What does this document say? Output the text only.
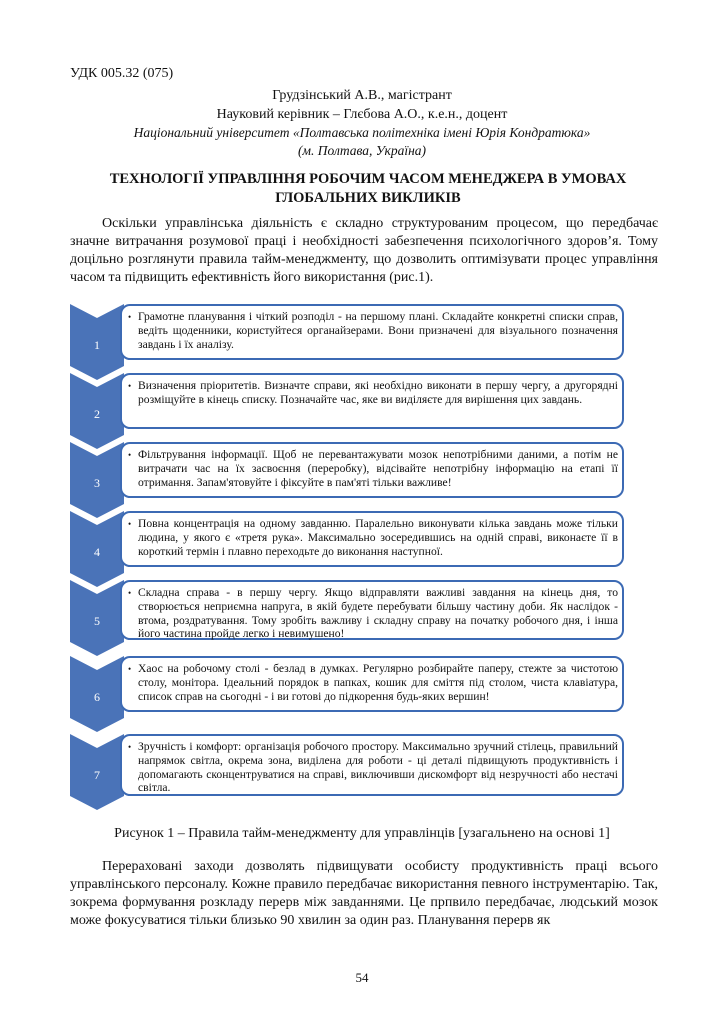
УДК 005.32 (075)
Грудзінський А.В., магістрант
Науковий керівник – Глєбова А.О., к.е.н., доцент
Національний університет «Полтавська політехніка імені Юрія Кондратюка»
(м. Полтава, Україна)
ТЕХНОЛОГІЇ УПРАВЛІННЯ РОБОЧИМ ЧАСОМ МЕНЕДЖЕРА В УМОВАХ
ГЛОБАЛЬНИХ ВИКЛИКІВ
Оскільки управлінська діяльність є складно структурованим процесом, що передбачає значне витрачання розумової праці і необхідності забезпечення психологічного здоров’я. Тому доцільно розглянути правила тайм-менеджменту, що дозволить оптимізувати процес управління часом та підвищить ефективність його використання (рис.1).
1
• Грамотне планування і чіткий розподіл - на першому плані. Складайте конкретні списки справ, ведіть щоденники, користуйтеся органайзерами. Вони призначені для візуального позначення завдань і їх аналізу.
2
• Визначення пріоритетів. Визначте справи, які необхідно виконати в першу чергу, а другорядні розміщуйте в кінець списку. Позначайте час, яке ви виділяєте для вирішення цих завдань.
3
• Фільтрування інформації. Щоб не перевантажувати мозок непотрібними даними, а потім не витрачати час на їх засвоєння (переробку), відсівайте непотрібну інформацію на етапі її отримання. Запам'ятовуйте і фіксуйте в пам'яті тільки важливе!
4
• Повна концентрація на одному завданню. Паралельно виконувати кілька завдань може тільки людина, у якого є «третя рука». Максимально зосередившись на одній справі, виконаєте її в короткий термін і плавно переходьте до виконання наступної.
5
• Складна справа - в першу чергу. Якщо відправляти важливі завдання на кінець дня, то створюється неприємна напруга, в якій будете перебувати більшу частину доби. Як наслідок - втома, роздратування. Тому зробіть важливу і складну справу на початку робочого дня, і інша його частина пройде легко і невимушено!
6
• Хаос на робочому столі - безлад в думках. Регулярно розбирайте паперу, стежте за чистотою столу, монітора. Ідеальний порядок в папках, кошик для сміття під столом, чиста клавіатура, список справ на сьогодні - і ви готові до підкорення будь-яких вершин!
7
• Зручність і комфорт: організація робочого простору. Максимально зручний стілець, правильний напрямок світла, окрема зона, виділена для роботи - ці деталі підвищують продуктивність і допомагають сконцентруватися на справі, виключивши дискомфорт від незручності або нестачі світла.
Рисунок 1 – Правила тайм-менеджменту для управлінців [узагальнено на основі 1]
Перераховані заходи дозволять підвищувати особисту продуктивність праці всього управлінського персоналу. Кожне правило передбачає використання певного інструментарію. Так, зокрема формування розкладу перерв між завданнями. Це прпвило передбачає, людський мозок може фокусуватися тільки близько 90 хвилин за один раз. Планування перерв як
54
